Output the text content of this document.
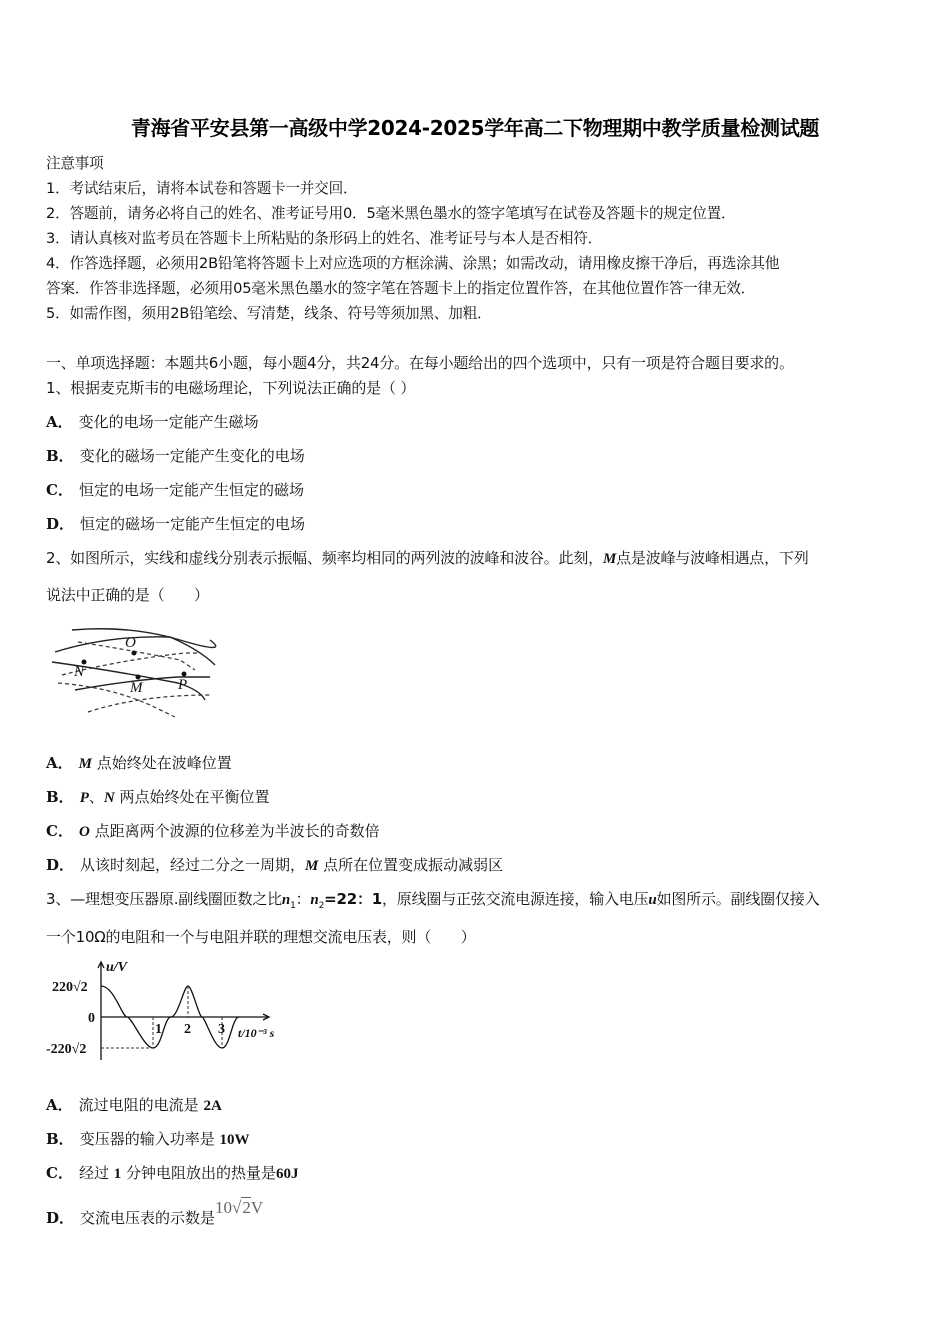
青海省平安县第一高级中学2024-2025学年高二下物理期中教学质量检测试题
注意事项
1．考试结束后，请将本试卷和答题卡一并交回．
2．答题前，请务必将自己的姓名、准考证号用0．5毫米黑色墨水的签字笔填写在试卷及答题卡的规定位置．
3．请认真核对监考员在答题卡上所粘贴的条形码上的姓名、准考证号与本人是否相符．
4．作答选择题，必须用2B铅笔将答题卡上对应选项的方框涂满、涂黑；如需改动，请用橡皮擦干净后，再选涂其他
答案．作答非选择题，必须用05毫米黑色墨水的签字笔在答题卡上的指定位置作答，在其他位置作答一律无效．
5．如需作图，须用2B铅笔绘、写清楚，线条、符号等须加黑、加粗．
一、单项选择题：本题共6小题，每小题4分，共24分。在每小题给出的四个选项中，只有一项是符合题目要求的。
1、根据麦克斯韦的电磁场理论，下列说法正确的是（ ）
A． 变化的电场一定能产生磁场
B． 变化的磁场一定能产生变化的电场
C． 恒定的电场一定能产生恒定的磁场
D． 恒定的磁场一定能产生恒定的电场
2、如图所示，实线和虚线分别表示振幅、频率均相同的两列波的波峰和波谷。此刻，M点是波峰与波峰相遇点，下列
说法中正确的是（　　）
O
N
M P
A． M 点始终处在波峰位置
B． P、N 两点始终处在平衡位置
C． O 点距离两个波源的位移差为半波长的奇数倍
D． 从该时刻起，经过二分之一周期，M 点所在位置变成振动减弱区
3、—理想变压器原.副线圈匝数之比$n_1$：$n_2=22$：1，原线圈与正弦交流电源连接，输入电压u如图所示。副线圈仅接入
一个10Ω的电阻和一个与电阻并联的理想交流电压表，则（　　）
u/V
220√2
0
-220√2
1 2 3 t/10⁻³ s
A． 流过电阻的电流是 2A
B． 变压器的输入功率是 10W
C． 经过 1 分钟电阻放出的热量是60J
D． 交流电压表的示数是10√2V
